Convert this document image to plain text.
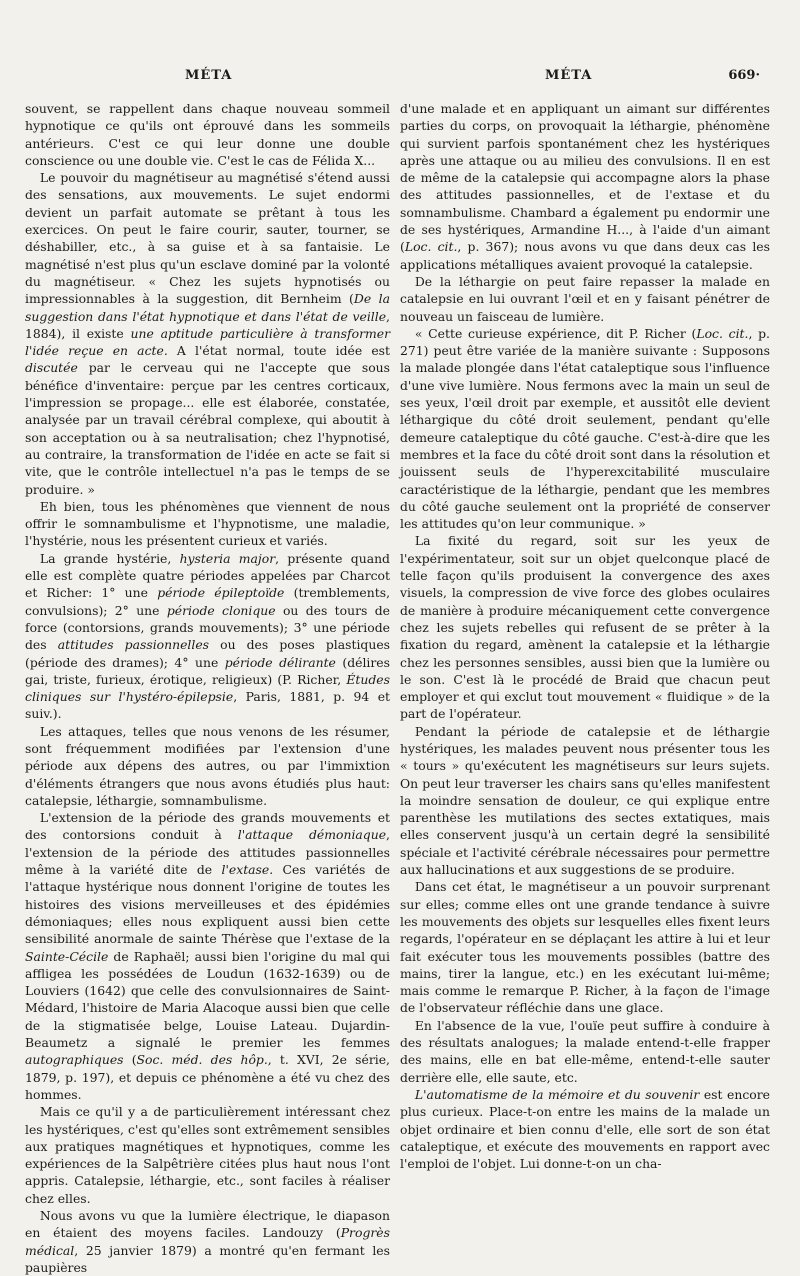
MÉTA	MÉTA	669·

souvent, se rappellent dans chaque nouveau sommeil hypnotique ce qu'ils ont éprouvé dans les sommeils antérieurs. C'est ce qui leur donne une double conscience ou une double vie. C'est le cas de Félida X...

Le pouvoir du magnétiseur au magnétisé s'étend aussi des sensations, aux mouvements. Le sujet endormi devient un parfait automate se prêtant à tous les exercices. On peut le faire courir, sauter, tourner, se déshabiller, etc., à sa guise et à sa fantaisie. Le magnétisé n'est plus qu'un esclave dominé par la volonté du magnétiseur. « Chez les sujets hypnotisés ou impressionnables à la suggestion, dit Bernheim (De la suggestion dans l'état hypnotique et dans l'état de veille, 1884), il existe une aptitude particulière à transformer l'idée reçue en acte. A l'état normal, toute idée est discutée par le cerveau qui ne l'accepte que sous bénéfice d'inventaire: perçue par les centres corticaux, l'impression se propage... elle est élaborée, constatée, analysée par un travail cérébral complexe, qui aboutit à son acceptation ou à sa neutralisation; chez l'hypnotisé, au contraire, la transformation de l'idée en acte se fait si vite, que le contrôle intellectuel n'a pas le temps de se produire. »

Eh bien, tous les phénomènes que viennent de nous offrir le somnambulisme et l'hypnotisme, une maladie, l'hystérie, nous les présentent curieux et variés.

La grande hystérie, hysteria major, présente quand elle est complète quatre périodes appelées par Charcot et Richer: 1° une période épileptoïde (tremblements, convulsions); 2° une période clonique ou des tours de force (contorsions, grands mouvements); 3° une période des attitudes passionnelles ou des poses plastiques (période des drames); 4° une période délirante (délires gai, triste, furieux, érotique, religieux) (P. Richer, Études cliniques sur l'hystéro-épilepsie, Paris, 1881, p. 94 et suiv.).

Les attaques, telles que nous venons de les résumer, sont fréquemment modifiées par l'extension d'une période aux dépens des autres, ou par l'immixtion d'éléments étrangers que nous avons étudiés plus haut: catalepsie, léthargie, somnambulisme.

L'extension de la période des grands mouvements et des contorsions conduit à l'attaque démoniaque, l'extension de la période des attitudes passionnelles même à la variété dite de l'extase. Ces variétés de l'attaque hystérique nous donnent l'origine de toutes les histoires des visions merveilleuses et des épidémies démoniaques; elles nous expliquent aussi bien cette sensibilité anormale de sainte Thérèse que l'extase de la Sainte-Cécile de Raphaël; aussi bien l'origine du mal qui affligea les possédées de Loudun (1632-1639) ou de Louviers (1642) que celle des convulsionnaires de Saint-Médard, l'histoire de Maria Alacoque aussi bien que celle de la stigmatisée belge, Louise Lateau. Dujardin-Beaumetz a signalé le premier les femmes autographiques (Soc. méd. des hôp., t. XVI, 2e série, 1879, p. 197), et depuis ce phénomène a été vu chez des hommes.

Mais ce qu'il y a de particulièrement intéressant chez les hystériques, c'est qu'elles sont extrêmement sensibles aux pratiques magnétiques et hypnotiques, comme les expériences de la Salpêtrière citées plus haut nous l'ont appris. Catalepsie, léthargie, etc., sont faciles à réaliser chez elles.

Nous avons vu que la lumière électrique, le diapason en étaient des moyens faciles. Landouzy (Progrès médical, 25 janvier 1879) a montré qu'en fermant les paupières

d'une malade et en appliquant un aimant sur différentes parties du corps, on provoquait la léthargie, phénomène qui survient parfois spontanément chez les hystériques après une attaque ou au milieu des convulsions. Il en est de même de la catalepsie qui accompagne alors la phase des attitudes passionnelles, et de l'extase et du somnambulisme. Chambard a également pu endormir une de ses hystériques, Armandine H..., à l'aide d'un aimant (Loc. cit., p. 367); nous avons vu que dans deux cas les applications métalliques avaient provoqué la catalepsie.

De la léthargie on peut faire repasser la malade en catalepsie en lui ouvrant l'œil et en y faisant pénétrer de nouveau un faisceau de lumière.

« Cette curieuse expérience, dit P. Richer (Loc. cit., p. 271) peut être variée de la manière suivante : Supposons la malade plongée dans l'état cataleptique sous l'influence d'une vive lumière. Nous fermons avec la main un seul de ses yeux, l'œil droit par exemple, et aussitôt elle devient léthargique du côté droit seulement, pendant qu'elle demeure cataleptique du côté gauche. C'est-à-dire que les membres et la face du côté droit sont dans la résolution et jouissent seuls de l'hyperexcitabilité musculaire caractéristique de la léthargie, pendant que les membres du côté gauche seulement ont la propriété de conserver les attitudes qu'on leur communique. »

La fixité du regard, soit sur les yeux de l'expérimentateur, soit sur un objet quelconque placé de telle façon qu'ils produisent la convergence des axes visuels, la compression de vive force des globes oculaires de manière à produire mécaniquement cette convergence chez les sujets rebelles qui refusent de se prêter à la fixation du regard, amènent la catalepsie et la léthargie chez les personnes sensibles, aussi bien que la lumière ou le son. C'est là le procédé de Braid que chacun peut employer et qui exclut tout mouvement « fluidique » de la part de l'opérateur.

Pendant la période de catalepsie et de léthargie hystériques, les malades peuvent nous présenter tous les « tours » qu'exécutent les magnétiseurs sur leurs sujets. On peut leur traverser les chairs sans qu'elles manifestent la moindre sensation de douleur, ce qui explique entre parenthèse les mutilations des sectes extatiques, mais elles conservent jusqu'à un certain degré la sensibilité spéciale et l'activité cérébrale nécessaires pour permettre aux hallucinations et aux suggestions de se produire.

Dans cet état, le magnétiseur a un pouvoir surprenant sur elles; comme elles ont une grande tendance à suivre les mouvements des objets sur lesquelles elles fixent leurs regards, l'opérateur en se déplaçant les attire à lui et leur fait exécuter tous les mouvements possibles (battre des mains, tirer la langue, etc.) en les exécutant lui-même; mais comme le remarque P. Richer, à la façon de l'image de l'observateur réfléchie dans une glace.

En l'absence de la vue, l'ouïe peut suffire à conduire à des résultats analogues; la malade entend-t-elle frapper des mains, elle en bat elle-même, entend-t-elle sauter derrière elle, elle saute, etc.

L'automatisme de la mémoire et du souvenir est encore plus curieux. Place-t-on entre les mains de la malade un objet ordinaire et bien connu d'elle, elle sort de son état cataleptique, et exécute des mouvements en rapport avec l'emploi de l'objet. Lui donne-t-on un cha-
